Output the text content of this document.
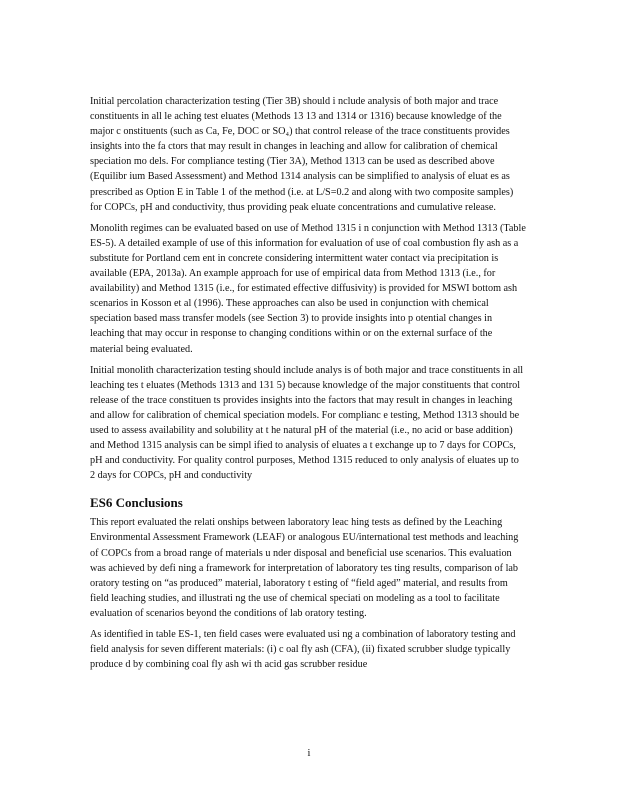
Initial percolation characterization testing (Tier 3B) should i nclude analysis of both major and trace constituents in all le aching test eluates (Methods 13 13 and 1314 or 1316) because knowledge of the major c onstituents (such as Ca, Fe, DOC or SO₄) that control release of the trace constituents provides insights into the fa ctors that may result in changes in leaching and allow for calibration of chemical speciation mo dels. For compliance testing (Tier 3A), Method 1313 can be used as described above (Equilibr ium Based Assessment) and Method 1314 analysis can be simplified to analysis of eluat es as prescribed as Option E in Table 1 of the method (i.e. at L/S=0.2 and along with two composite samples) for COPCs, pH and conductivity, thus providing peak eluate concentrations and cumulative release.

Monolith regimes can be evaluated based on use of Method 1315 i n conjunction with Method 1313 (Table ES‑5). A detailed example of use of this information for evaluation of use of coal combustion fly ash as a substitute for Portland cem ent in concrete considering intermittent water contact via precipitation is available (EPA, 2013a). An example approach for use of empirical data from Method 1313 (i.e., for availability) and Method 1315 (i.e., for estimated effective diffusivity) is provided for MSWI bottom ash scenarios in Kosson et al (1996). These approaches can also be used in conjunction with chemical speciation based mass transfer models (see Section 3) to provide insights into p otential changes in leaching that may occur in response to changing conditions within or on the external surface of the material being evaluated.

Initial monolith characterization testing should include analys is of both major and trace constituents in all leaching tes t eluates (Methods 1313 and 131 5) because knowledge of the major constituents that control release of the trace constituen ts provides insights into the factors that may result in changes in leaching and allow for calibration of chemical speciation models. For complianc e testing, Method 1313 should be used to assess availability and solubility at t he natural pH of the material (i.e., no acid or base addition) and Method 1315 analysis can be simpl ified to analysis of eluates a t exchange up to 7 days for COPCs, pH and conductivity. For quality control purposes, Method 1315 reduced to only analysis of eluates up to 2 days for COPCs, pH and conductivity

ES6 Conclusions

This report evaluated the relati onships between laboratory leac hing tests as defined by the Leaching Environmental Assessment Framework (LEAF) or analogous EU/international test methods and leaching of COPCs from a broad range of materials u nder disposal and beneficial use scenarios. This evaluation was achieved by defi ning a framework for interpretation of laboratory tes ting results, comparison of lab oratory testing on “as produced” material, laboratory t esting of “field aged” material, and results from field leaching studies, and illustrati ng the use of chemical speciati on modeling as a tool to facilitate evaluation of scenarios beyond the conditions of lab oratory testing.

As identified in table ES‑1, ten field cases were evaluated usi ng a combination of laboratory testing and field analysis for seven different materials: (i) c oal fly ash (CFA), (ii) fixated scrubber sludge typically produce d by combining coal fly ash wi th acid gas scrubber residue

i
